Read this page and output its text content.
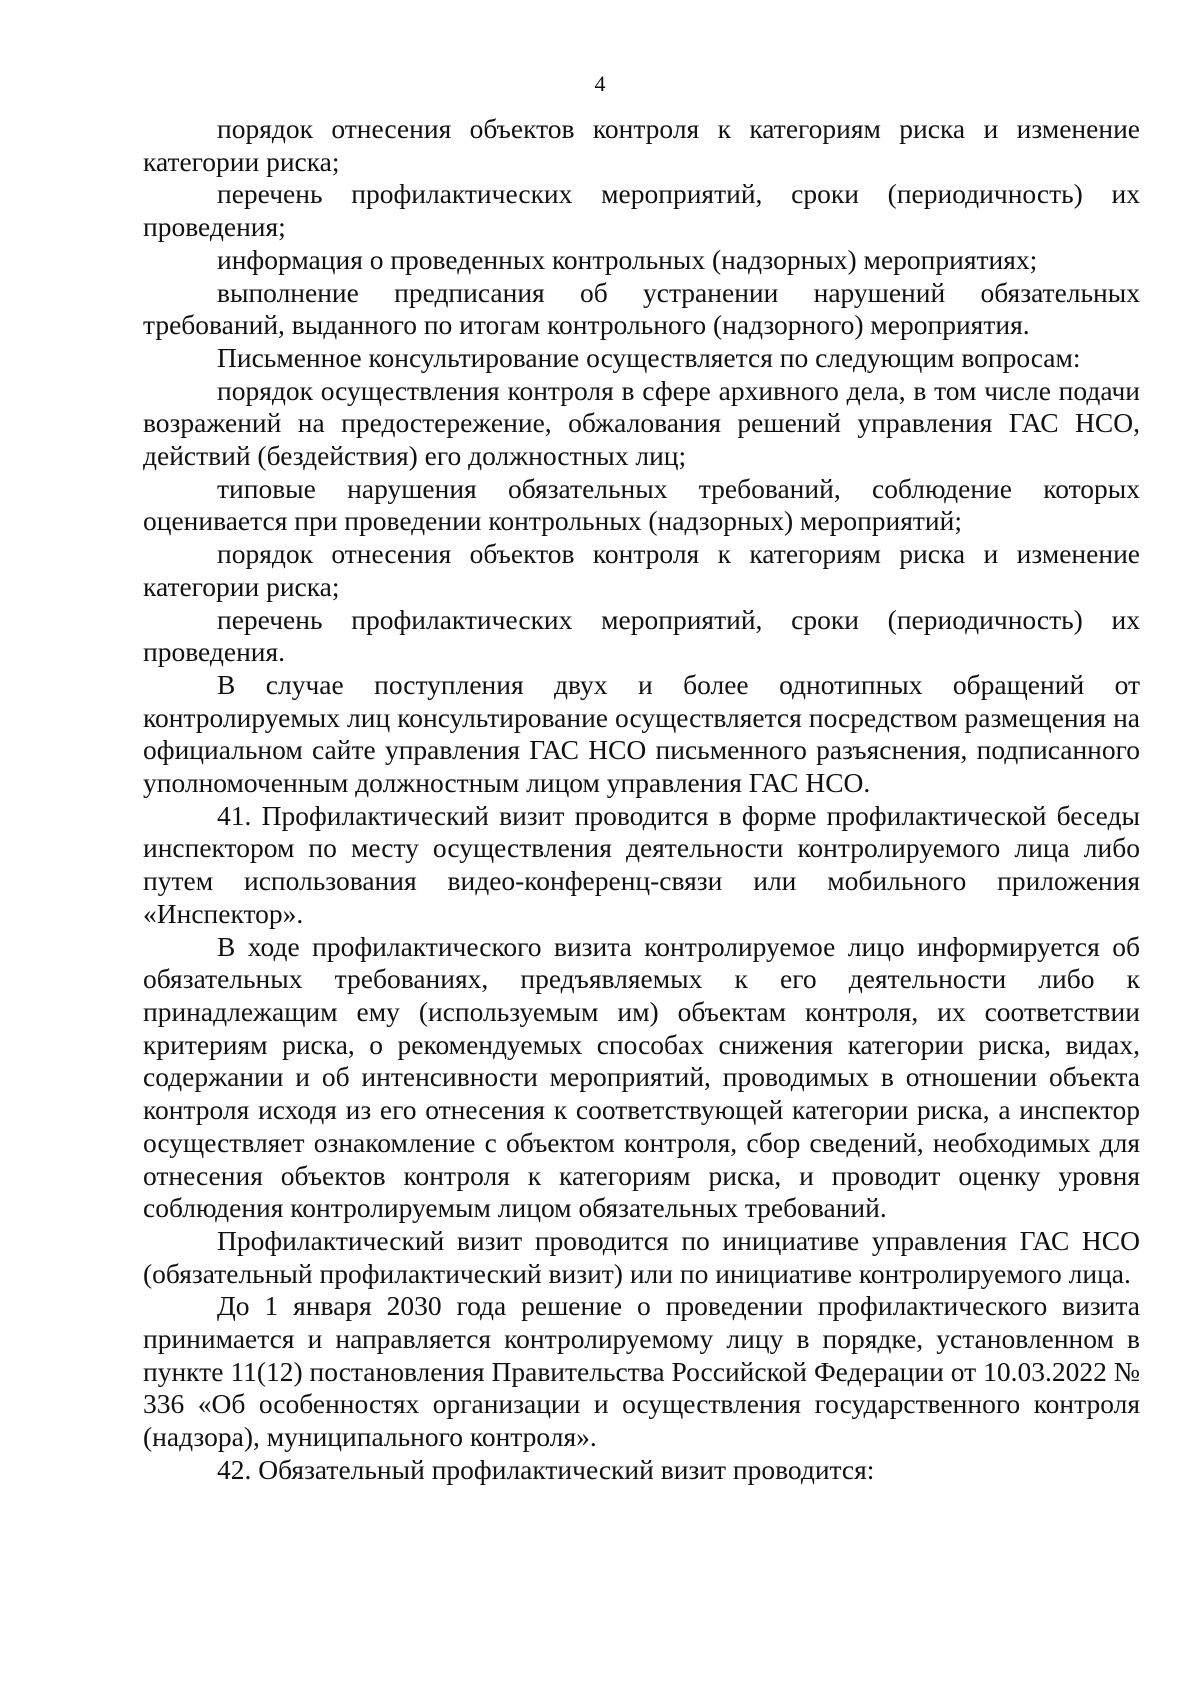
4

порядок отнесения объектов контроля к категориям риска и изменение категории риска;

перечень профилактических мероприятий, сроки (периодичность) их проведения;

информация о проведенных контрольных (надзорных) мероприятиях;

выполнение предписания об устранении нарушений обязательных требований, выданного по итогам контрольного (надзорного) мероприятия.

Письменное консультирование осуществляется по следующим вопросам:

порядок осуществления контроля в сфере архивного дела, в том числе подачи возражений на предостережение, обжалования решений управления ГАС НСО, действий (бездействия) его должностных лиц;

типовые нарушения обязательных требований, соблюдение которых оценивается при проведении контрольных (надзорных) мероприятий;

порядок отнесения объектов контроля к категориям риска и изменение категории риска;

перечень профилактических мероприятий, сроки (периодичность) их проведения.

В случае поступления двух и более однотипных обращений от контролируемых лиц консультирование осуществляется посредством размещения на официальном сайте управления ГАС НСО письменного разъяснения, подписанного уполномоченным должностным лицом управления ГАС НСО.

41. Профилактический визит проводится в форме профилактической беседы инспектором по месту осуществления деятельности контролируемого лица либо путем использования видео-конференц-связи или мобильного приложения «Инспектор».

В ходе профилактического визита контролируемое лицо информируется об обязательных требованиях, предъявляемых к его деятельности либо к принадлежащим ему (используемым им) объектам контроля, их соответствии критериям риска, о рекомендуемых способах снижения категории риска, видах, содержании и об интенсивности мероприятий, проводимых в отношении объекта контроля исходя из его отнесения к соответствующей категории риска, а инспектор осуществляет ознакомление с объектом контроля, сбор сведений, необходимых для отнесения объектов контроля к категориям риска, и проводит оценку уровня соблюдения контролируемым лицом обязательных требований.

Профилактический визит проводится по инициативе управления ГАС НСО (обязательный профилактический визит) или по инициативе контролируемого лица.

До 1 января 2030 года решение о проведении профилактического визита принимается и направляется контролируемому лицу в порядке, установленном в пункте 11(12) постановления Правительства Российской Федерации от 10.03.2022 № 336 «Об особенностях организации и осуществления государственного контроля (надзора), муниципального контроля».

42. Обязательный профилактический визит проводится:
